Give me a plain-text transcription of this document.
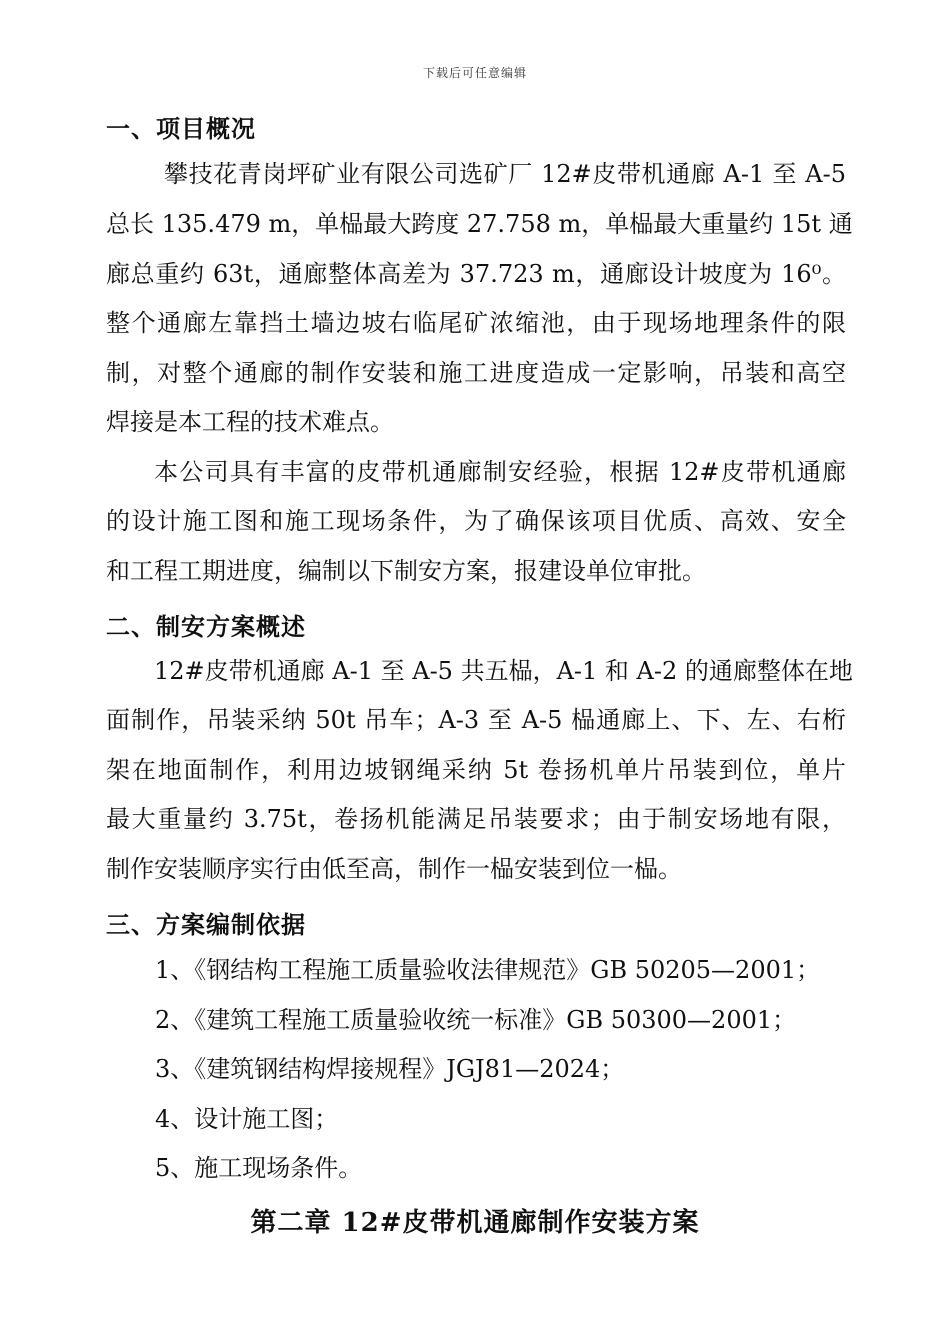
下载后可任意编辑
一、项目概况
攀技花青岗坪矿业有限公司选矿厂 12#皮带机通廊 A-1 至 A-5
总长 135.479 m，单榀最大跨度 27.758 m，单榀最大重量约 15t 通
廊总重约 63t，通廊整体高差为 37.723 m，通廊设计坡度为 16⁰。
整个通廊左靠挡土墙边坡右临尾矿浓缩池，由于现场地理条件的限
制，对整个通廊的制作安装和施工进度造成一定影响，吊装和高空
焊接是本工程的技术难点。
本公司具有丰富的皮带机通廊制安经验，根据 12#皮带机通廊
的设计施工图和施工现场条件，为了确保该项目优质、高效、安全
和工程工期进度，编制以下制安方案，报建设单位审批。
二、制安方案概述
12#皮带机通廊 A-1 至 A-5 共五榀，A-1 和 A-2 的通廊整体在地
面制作，吊装采纳 50t 吊车；A-3 至 A-5 榀通廊上、下、左、右桁
架在地面制作，利用边坡钢绳采纳 5t 卷扬机单片吊装到位，单片
最大重量约 3.75t，卷扬机能满足吊装要求；由于制安场地有限，
制作安装顺序实行由低至高，制作一榀安装到位一榀。
三、方案编制依据
1、《钢结构工程施工质量验收法律规范》GB 50205—2001；
2、《建筑工程施工质量验收统一标准》GB 50300—2001；
3、《建筑钢结构焊接规程》JGJ81—2024；
4、设计施工图；
5、施工现场条件。
第二章 12#皮带机通廊制作安装方案
